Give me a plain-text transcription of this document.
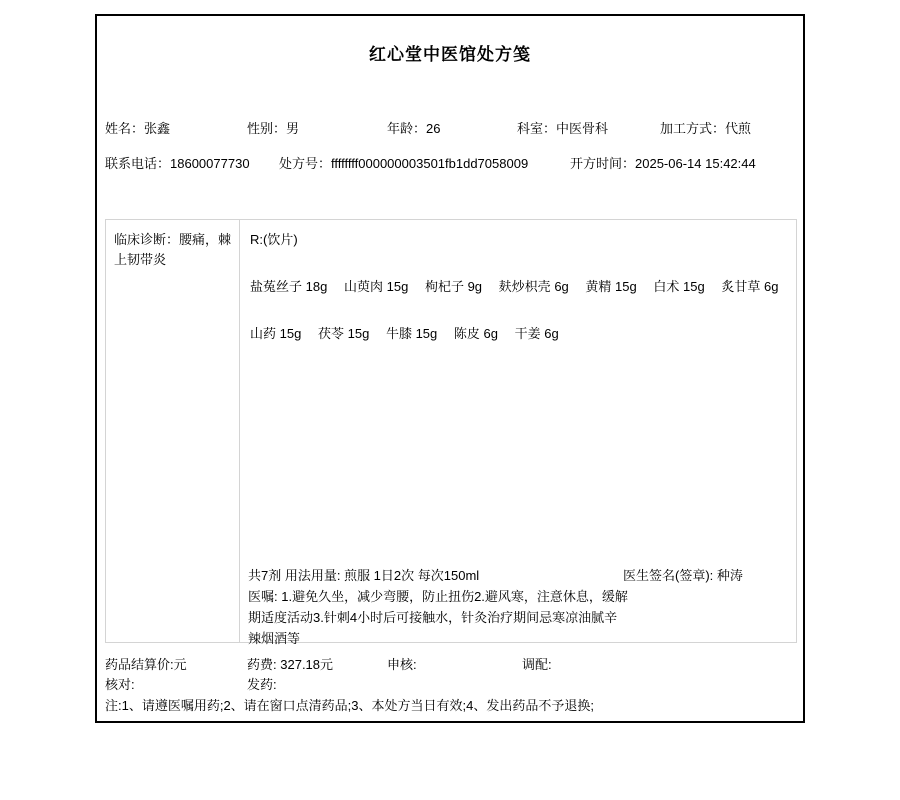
红心堂中医馆处方笺
姓名：张鑫	性别：男	年龄：26	科室：中医骨科	加工方式：代煎
联系电话：18600077730 处方号：ffffffff000000003501fb1dd7058009	开方时间：2025-06-14 15:42:44
临床诊断：腰痛，棘上韧带炎
R:(饮片)
盐菟丝子 18g 山萸肉 15g 枸杞子 9g 麸炒枳壳 6g 黄精 15g 白术 15g 炙甘草 6g
山药 15g 茯苓 15g 牛膝 15g 陈皮 6g 干姜 6g
共7剂 用法用量: 煎服 1日2次 每次150ml	医生签名(签章): 种涛
医嘱: 1.避免久坐，减少弯腰，防止扭伤2.避风寒，注意休息，缓解期适度活动3.针刺4小时后可接触水，针灸治疗期间忌寒凉油腻辛辣烟酒等
药品结算价:元	药费: 327.18元	申核:	调配:
核对:	发药:
注:1、请遵医嘱用药;2、请在窗口点清药品;3、本处方当日有效;4、发出药品不予退换;
